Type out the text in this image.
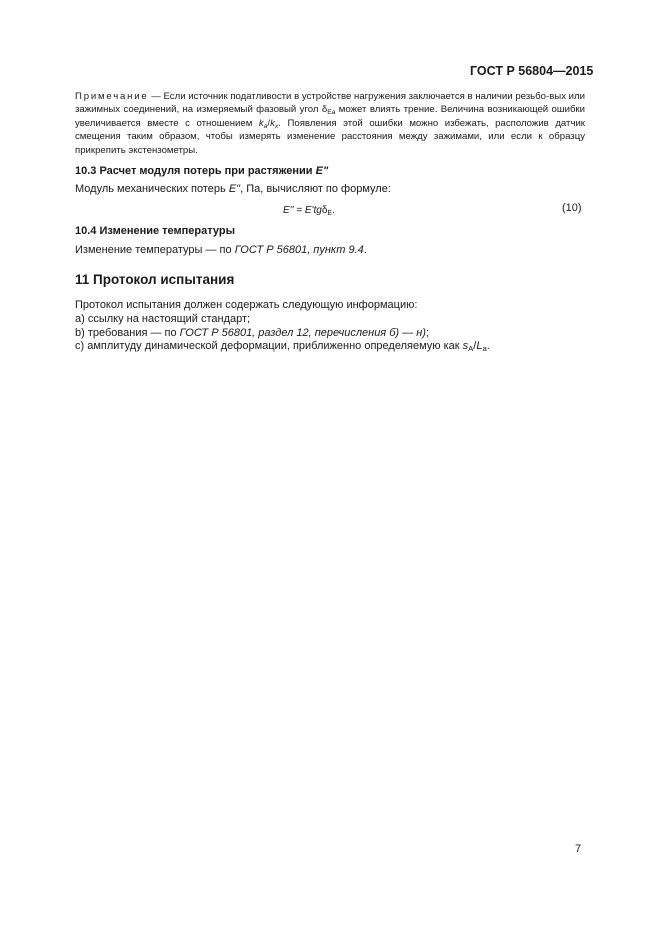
ГОСТ Р 56804—2015

Примечание — Если источник податливости в устройстве нагружения заключается в наличии резьбо-вых или зажимных соединений, на измеряемый фазовый угол $\delta_{Ea}$ может влиять трение. Величина возникающей ошибки увеличивается вместе с отношением $k_a/k_x$. Появления этой ошибки можно избежать, расположив датчик смещения таким образом, чтобы измерять изменение расстояния между зажимами, или если к образцу прикрепить экстензометры.

10.3 Расчет модуля потерь при растяжении E"
Модуль механических потерь E", Па, вычисляют по формуле:
E'' = E'tgδ$_E$.	(10)
10.4 Изменение температуры
Изменение температуры — по ГОСТ Р 56801, пункт 9.4.
11 Протокол испытания
Протокол испытания должен содержать следующую информацию:
a) ссылку на настоящий стандарт;
b) требования — по ГОСТ Р 56801, раздел 12, перечисления б) — н);
c) амплитуду динамической деформации, приближенно определяемую как $s_A/L_a$.
7
